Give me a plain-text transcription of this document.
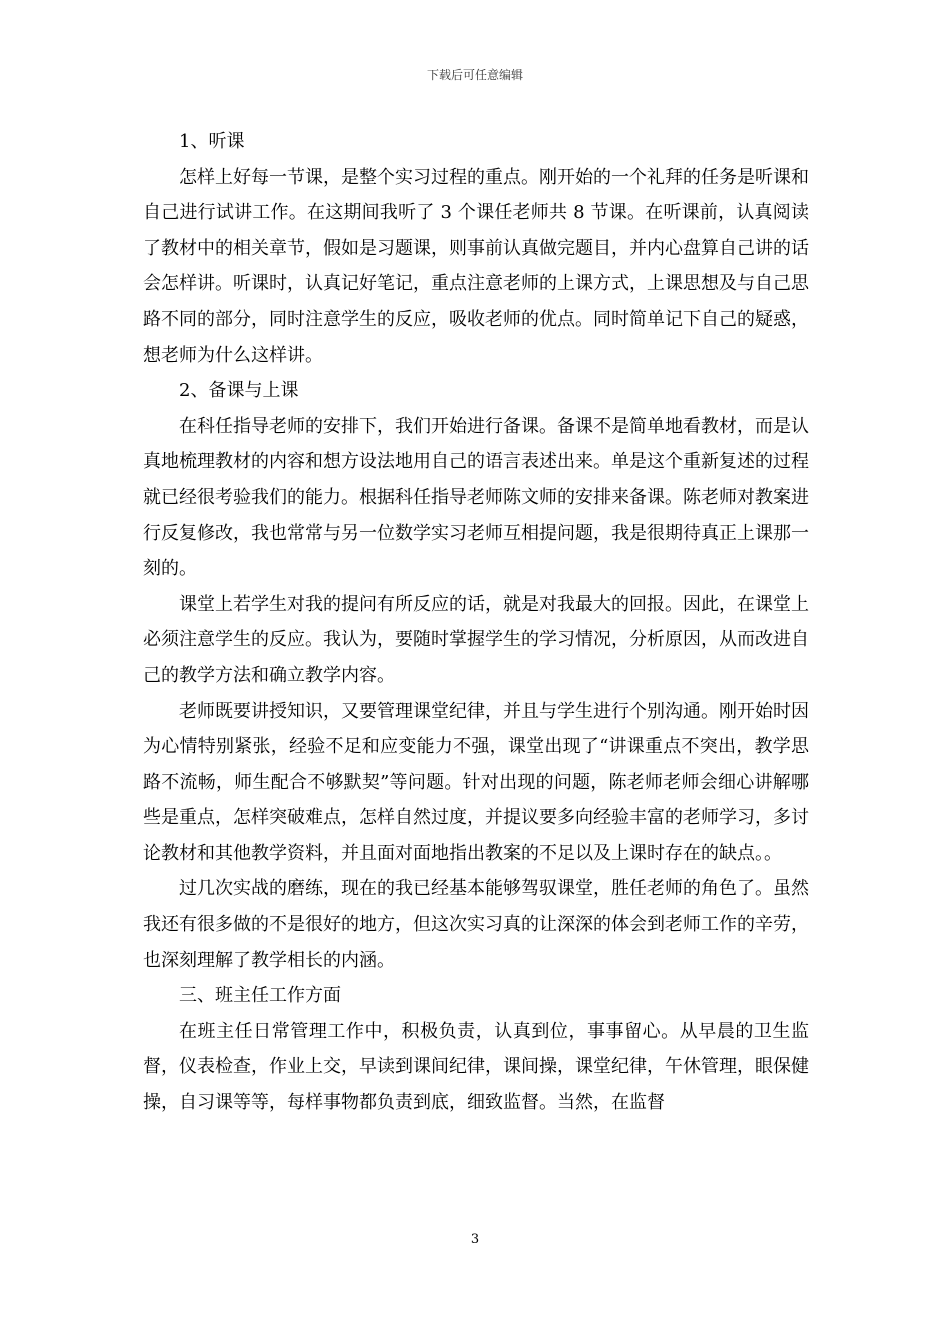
下载后可任意编辑

1、听课

怎样上好每一节课，是整个实习过程的重点。刚开始的一个礼拜的任务是听课和自己进行试讲工作。在这期间我听了 3 个课任老师共 8 节课。在听课前，认真阅读了教材中的相关章节，假如是习题课，则事前认真做完题目，并内心盘算自己讲的话会怎样讲。听课时，认真记好笔记，重点注意老师的上课方式，上课思想及与自己思路不同的部分，同时注意学生的反应，吸收老师的优点。同时简单记下自己的疑惑，想老师为什么这样讲。

2、备课与上课

在科任指导老师的安排下，我们开始进行备课。备课不是简单地看教材，而是认真地梳理教材的内容和想方设法地用自己的语言表述出来。单是这个重新复述的过程就已经很考验我们的能力。根据科任指导老师陈文师的安排来备课。陈老师对教案进行反复修改，我也常常与另一位数学实习老师互相提问题，我是很期待真正上课那一刻的。

课堂上若学生对我的提问有所反应的话，就是对我最大的回报。因此，在课堂上必须注意学生的反应。我认为，要随时掌握学生的学习情况，分析原因，从而改进自己的教学方法和确立教学内容。

老师既要讲授知识，又要管理课堂纪律，并且与学生进行个别沟通。刚开始时因为心情特别紧张，经验不足和应变能力不强，课堂出现了“讲课重点不突出，教学思路不流畅，师生配合不够默契”等问题。针对出现的问题，陈老师老师会细心讲解哪些是重点，怎样突破难点，怎样自然过度，并提议要多向经验丰富的老师学习，多讨论教材和其他教学资料，并且面对面地指出教案的不足以及上课时存在的缺点。。

过几次实战的磨练，现在的我已经基本能够驾驭课堂，胜任老师的角色了。虽然我还有很多做的不是很好的地方，但这次实习真的让深深的体会到老师工作的辛劳，也深刻理解了教学相长的内涵。

三、班主任工作方面

在班主任日常管理工作中，积极负责，认真到位，事事留心。从早晨的卫生监督，仪表检查，作业上交，早读到课间纪律，课间操，课堂纪律，午休管理，眼保健操，自习课等等，每样事物都负责到底，细致监督。当然，在监督

3
